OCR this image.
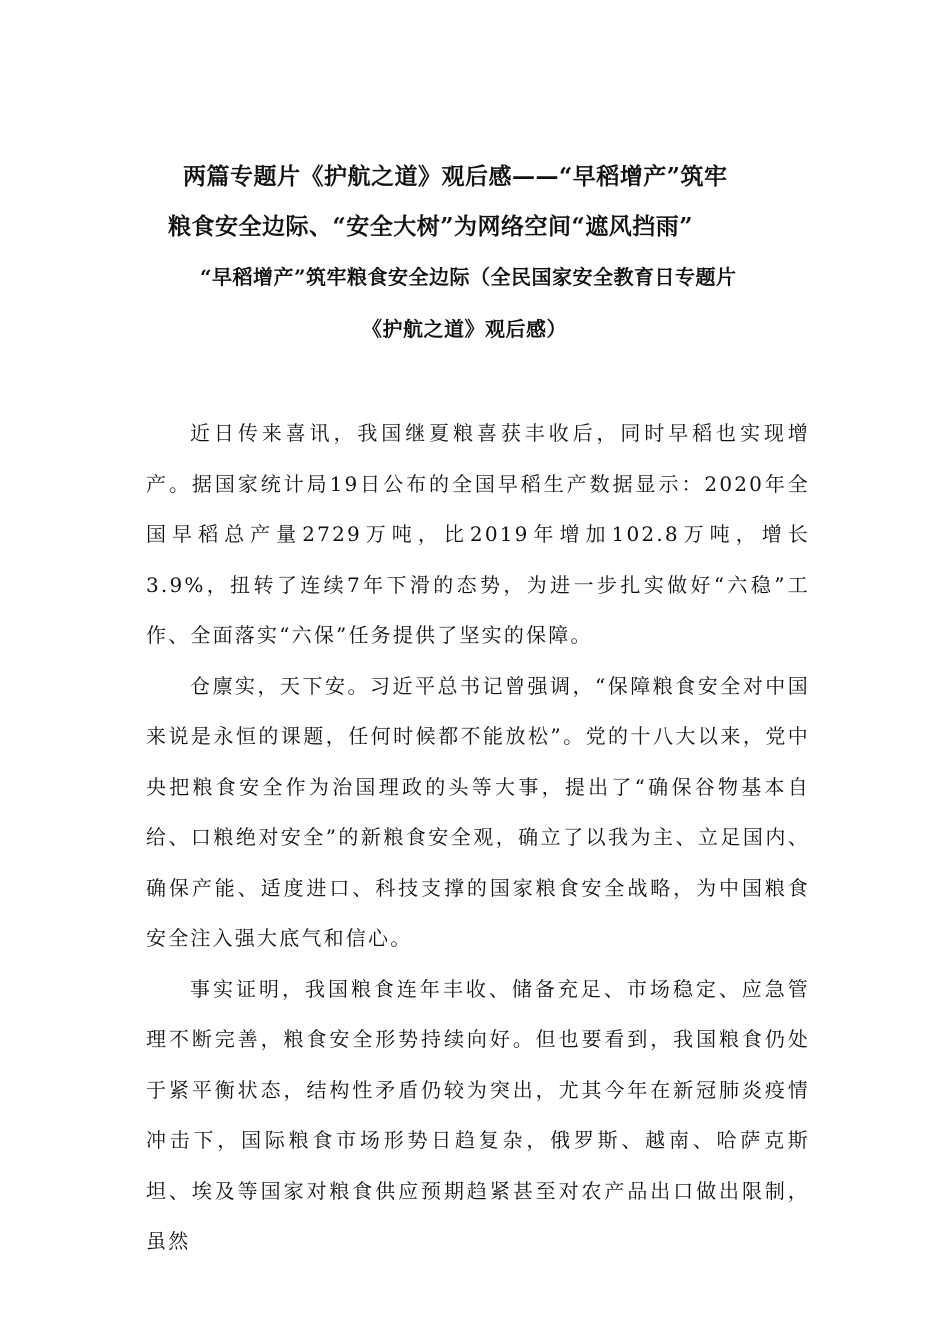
两篇专题片《护航之道》观后感——“早稻增产”筑牢
粮食安全边际、“安全大树”为网络空间“遮风挡雨”
“早稻增产”筑牢粮食安全边际（全民国家安全教育日专题片
《护航之道》观后感）

近日传来喜讯，我国继夏粮喜获丰收后，同时早稻也实现增产。据国家统计局19日公布的全国早稻生产数据显示：2020年全国早稻总产量2729万吨，比2019年增加102.8万吨，增长3.9%，扭转了连续7年下滑的态势，为进一步扎实做好“六稳”工作、全面落实“六保”任务提供了坚实的保障。

仓廪实，天下安。习近平总书记曾强调，“保障粮食安全对中国来说是永恒的课题，任何时候都不能放松”。党的十八大以来，党中央把粮食安全作为治国理政的头等大事，提出了“确保谷物基本自给、口粮绝对安全”的新粮食安全观，确立了以我为主、立足国内、确保产能、适度进口、科技支撑的国家粮食安全战略，为中国粮食安全注入强大底气和信心。

事实证明，我国粮食连年丰收、储备充足、市场稳定、应急管理不断完善，粮食安全形势持续向好。但也要看到，我国粮食仍处于紧平衡状态，结构性矛盾仍较为突出，尤其今年在新冠肺炎疫情冲击下，国际粮食市场形势日趋复杂，俄罗斯、越南、哈萨克斯坦、埃及等国家对粮食供应预期趋紧甚至对农产品出口做出限制，虽然
